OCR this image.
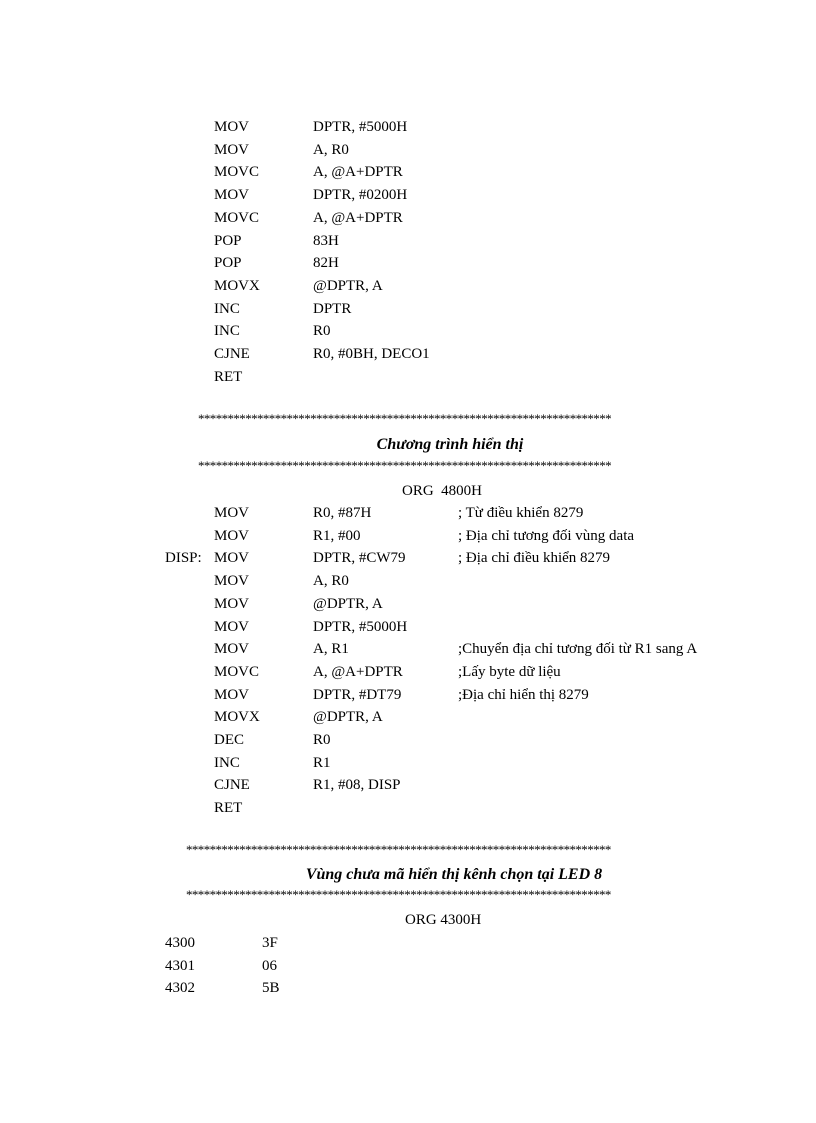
MOV	DPTR, #5000H
MOV	A, R0
MOVC	A, @A+DPTR
MOV	DPTR, #0200H
MOVC	A, @A+DPTR
POP	83H
POP	82H
MOVX	@DPTR, A
INC	DPTR
INC	R0
CJNE	R0, #0BH, DECO1
RET
**********************************************************************
Chương trình hiển thị
**********************************************************************
ORG  4800H
MOV	R0, #87H	; Từ điều khiển 8279
MOV	R1, #00	; Địa chỉ tương đối vùng data
DISP: MOV	DPTR, #CW79	; Địa chỉ điều khiển 8279
MOV	A, R0
MOV	@DPTR, A
MOV	DPTR, #5000H
MOV	A, R1	;Chuyển địa chỉ tương đối từ R1 sang A
MOVC	A, @A+DPTR	;Lấy byte dữ liệu
MOV	DPTR, #DT79	;Địa chỉ hiển thị 8279
MOVX	@DPTR, A
DEC	R0
INC	R1
CJNE	R1, #08, DISP
RET
************************************************************************
Vùng chưa mã hiển thị kênh chọn tại LED 8
************************************************************************
ORG 4300H
4300	3F
4301	06
4302	5B
